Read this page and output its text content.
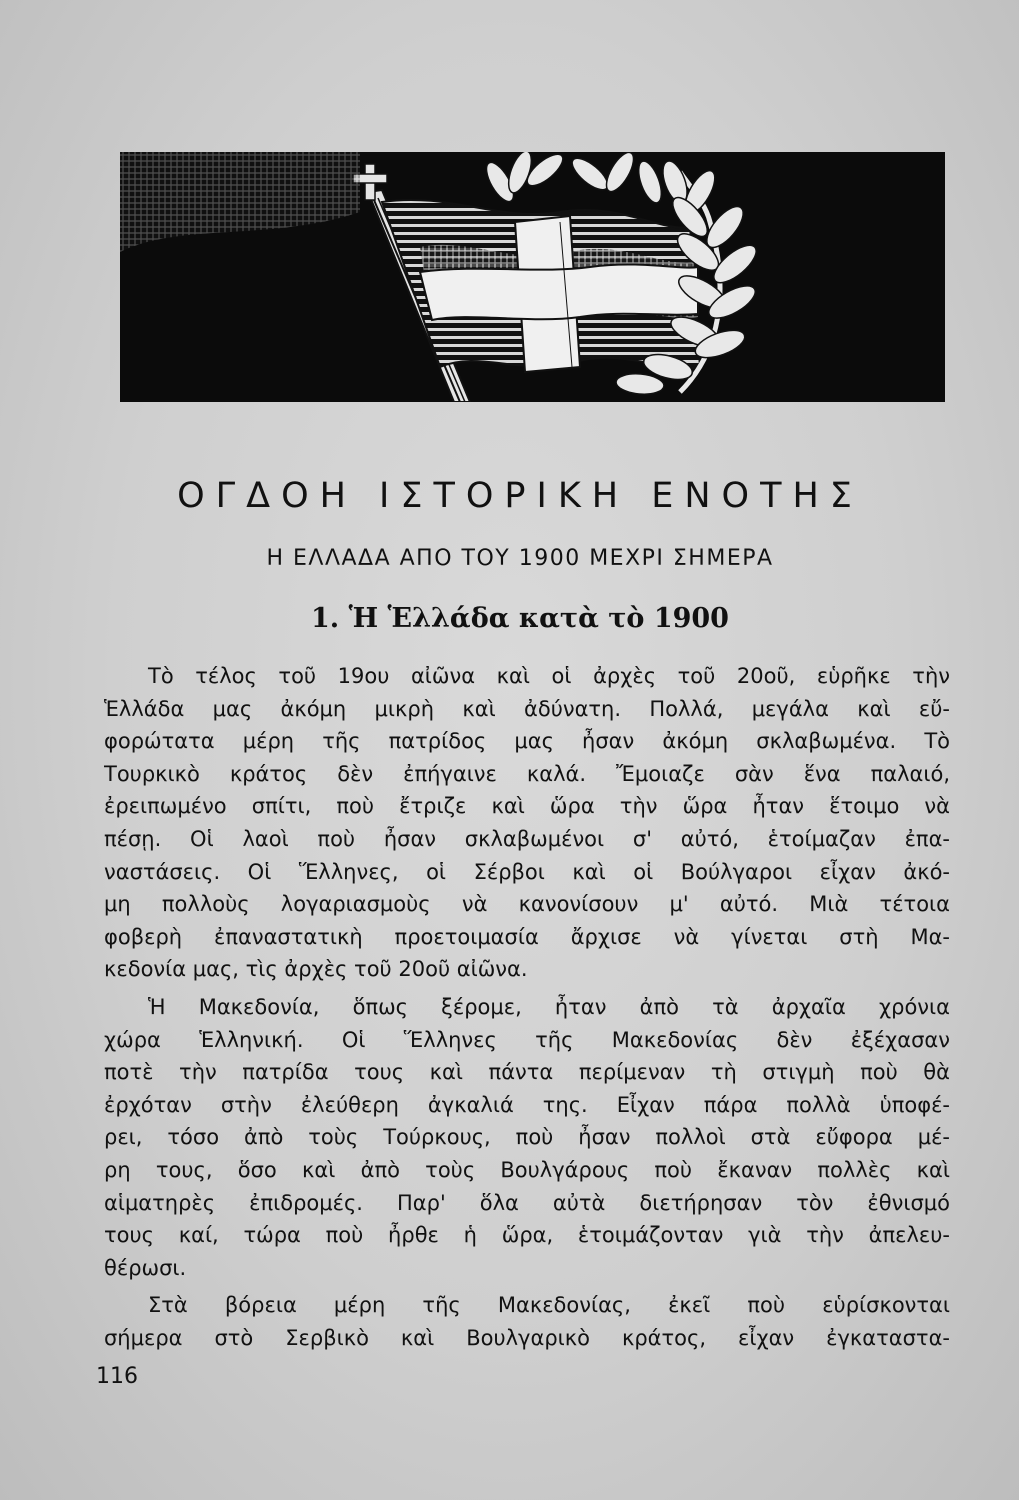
ΟΓΔΟΗ ΙΣΤΟΡΙΚΗ ΕΝΟΤΗΣ
Η ΕΛΛΑΔΑ ΑΠΟ ΤΟΥ 1900 ΜΕΧΡΙ ΣΗΜΕΡΑ
1. Ἡ Ἑλλάδα κατὰ τὸ 1900
Τὸ τέλος τοῦ 19ου αἰῶνα καὶ οἱ ἀρχὲς τοῦ 20οῦ, εὑρῆκε τὴν
Ἑλλάδα μας ἀκόμη μικρὴ καὶ ἀδύνατη. Πολλά, μεγάλα καὶ εὔ-
φορώτατα μέρη τῆς πατρίδος μας ἦσαν ἀκόμη σκλαβωμένα. Τὸ
Τουρκικὸ κράτος δὲν ἐπήγαινε καλά. Ἔμοιαζε σὰν ἕνα παλαιό,
ἐρειπωμένο σπίτι, ποὺ ἔτριζε καὶ ὥρα τὴν ὥρα ἦταν ἕτοιμο νὰ
πέσῃ. Οἱ λαοὶ ποὺ ἦσαν σκλαβωμένοι σ' αὐτό, ἑτοίμαζαν ἐπα-
ναστάσεις. Οἱ Ἕλληνες, οἱ Σέρβοι καὶ οἱ Βούλγαροι εἶχαν ἀκό-
μη πολλοὺς λογαριασμοὺς νὰ κανονίσουν μ' αὐτό. Μιὰ τέτοια
φοβερὴ ἐπαναστατικὴ προετοιμασία ἄρχισε νὰ γίνεται στὴ Μα-
κεδονία μας, τὶς ἀρχὲς τοῦ 20οῦ αἰῶνα.
Ἡ Μακεδονία, ὅπως ξέρομε, ἦταν ἀπὸ τὰ ἀρχαῖα χρόνια
χώρα Ἑλληνική. Οἱ Ἕλληνες τῆς Μακεδονίας δὲν ἐξέχασαν
ποτὲ τὴν πατρίδα τους καὶ πάντα περίμεναν τὴ στιγμὴ ποὺ θὰ
ἐρχόταν στὴν ἐλεύθερη ἀγκαλιά της. Εἶχαν πάρα πολλὰ ὑποφέ-
ρει, τόσο ἀπὸ τοὺς Τούρκους, ποὺ ἦσαν πολλοὶ στὰ εὔφορα μέ-
ρη τους, ὅσο καὶ ἀπὸ τοὺς Βουλγάρους ποὺ ἔκαναν πολλὲς καὶ
αἱματηρὲς ἐπιδρομές. Παρ' ὅλα αὐτὰ διετήρησαν τὸν ἐθνισμό
τους καί, τώρα ποὺ ἦρθε ἡ ὥρα, ἑτοιμάζονταν γιὰ τὴν ἀπελευ-
θέρωσι.
Στὰ βόρεια μέρη τῆς Μακεδονίας, ἐκεῖ ποὺ εὑρίσκονται
σήμερα στὸ Σερβικὸ καὶ Βουλγαρικὸ κράτος, εἶχαν ἐγκαταστα-
116
